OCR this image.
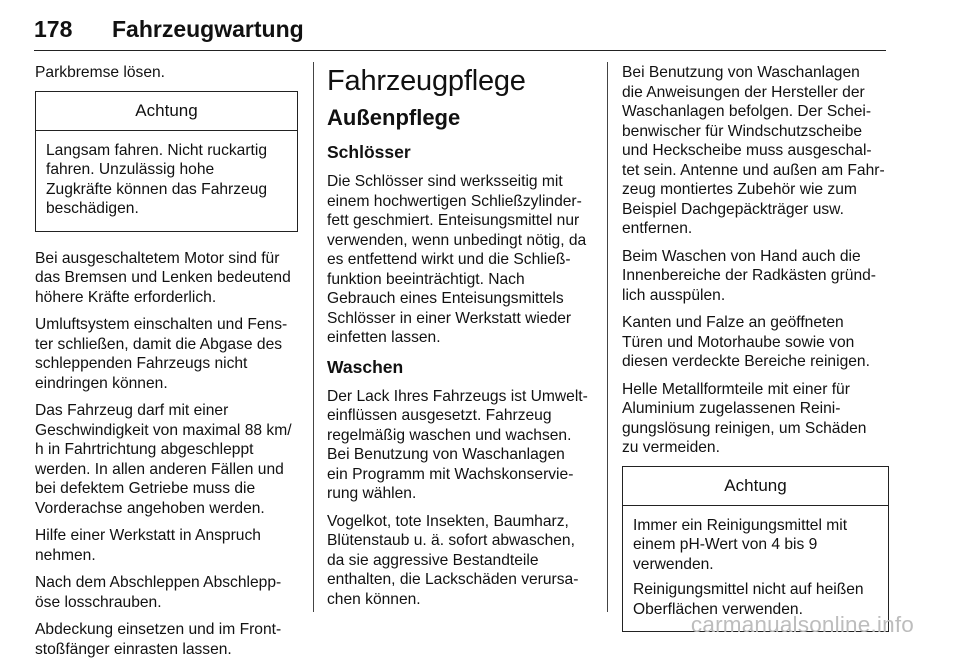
178 Fahrzeugwartung

Parkbremse lösen.

Achtung

Langsam fahren. Nicht ruckartig
fahren. Unzulässig hohe
Zugkräfte können das Fahrzeug
beschädigen.

Bei ausgeschaltetem Motor sind für
das Bremsen und Lenken bedeutend
höhere Kräfte erforderlich.

Umluftsystem einschalten und Fens‑
ter schließen, damit die Abgase des
schleppenden Fahrzeugs nicht
eindringen können.

Das Fahrzeug darf mit einer
Geschwindigkeit von maximal 88 km/
h in Fahrtrichtung abgeschleppt
werden. In allen anderen Fällen und
bei defektem Getriebe muss die
Vorderachse angehoben werden.

Hilfe einer Werkstatt in Anspruch
nehmen.

Nach dem Abschleppen Abschlepp‑
öse losschrauben.

Abdeckung einsetzen und im Front‑
stoßfänger einrasten lassen.

Fahrzeugpflege
Außenpflege
Schlösser

Die Schlösser sind werksseitig mit
einem hochwertigen Schließzylinder‑
fett geschmiert. Enteisungsmittel nur
verwenden, wenn unbedingt nötig, da
es entfettend wirkt und die Schließ‑
funktion beeinträchtigt. Nach
Gebrauch eines Enteisungsmittels
Schlösser in einer Werkstatt wieder
einfetten lassen.

Waschen

Der Lack Ihres Fahrzeugs ist Umwelt‑
einflüssen ausgesetzt. Fahrzeug
regelmäßig waschen und wachsen.
Bei Benutzung von Waschanlagen
ein Programm mit Wachskonservie‑
rung wählen.

Vogelkot, tote Insekten, Baumharz,
Blütenstaub u. ä. sofort abwaschen,
da sie aggressive Bestandteile
enthalten, die Lackschäden verursa‑
chen können.

Bei Benutzung von Waschanlagen
die Anweisungen der Hersteller der
Waschanlagen befolgen. Der Schei‑
benwischer für Windschutzscheibe
und Heckscheibe muss ausgeschal‑
tet sein. Antenne und außen am Fahr‑
zeug montiertes Zubehör wie zum
Beispiel Dachgepäckträger usw.
entfernen.

Beim Waschen von Hand auch die
Innenbereiche der Radkästen gründ‑
lich ausspülen.

Kanten und Falze an geöffneten
Türen und Motorhaube sowie von
diesen verdeckte Bereiche reinigen.

Helle Metallformteile mit einer für
Aluminium zugelassenen Reini‑
gungslösung reinigen, um Schäden
zu vermeiden.

Achtung

Immer ein Reinigungsmittel mit
einem pH‑Wert von 4 bis 9
verwenden.

Reinigungsmittel nicht auf heißen
Oberflächen verwenden.

carmanualsonline.info
